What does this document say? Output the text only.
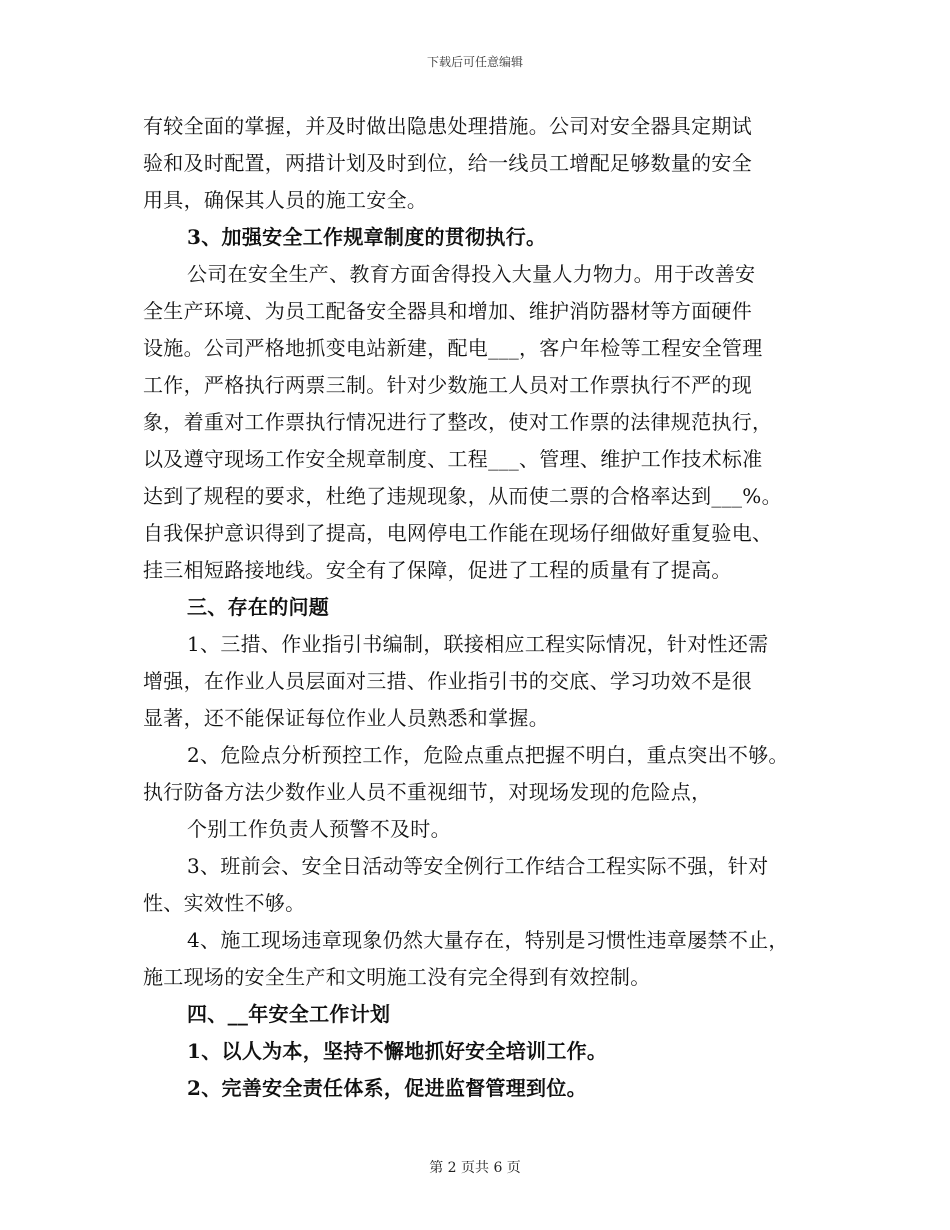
下载后可任意编辑
有较全面的掌握，并及时做出隐患处理措施。公司对安全器具定期试
验和及时配置，两措计划及时到位，给一线员工增配足够数量的安全
用具，确保其人员的施工安全。
3、加强安全工作规章制度的贯彻执行。
公司在安全生产、教育方面舍得投入大量人力物力。用于改善安
全生产环境、为员工配备安全器具和增加、维护消防器材等方面硬件
设施。公司严格地抓变电站新建，配电___，客户年检等工程安全管理
工作，严格执行两票三制。针对少数施工人员对工作票执行不严的现
象，着重对工作票执行情况进行了整改，使对工作票的法律规范执行，
以及遵守现场工作安全规章制度、工程___、管理、维护工作技术标准
达到了规程的要求，杜绝了违规现象，从而使二票的合格率达到___%。
自我保护意识得到了提高，电网停电工作能在现场仔细做好重复验电、
挂三相短路接地线。安全有了保障，促进了工程的质量有了提高。
三、存在的问题
1、三措、作业指引书编制，联接相应工程实际情况，针对性还需
增强，在作业人员层面对三措、作业指引书的交底、学习功效不是很
显著，还不能保证每位作业人员熟悉和掌握。
2、危险点分析预控工作，危险点重点把握不明白，重点突出不够。
执行防备方法少数作业人员不重视细节，对现场发现的危险点，
个别工作负责人预警不及时。
3、班前会、安全日活动等安全例行工作结合工程实际不强，针对
性、实效性不够。
4、施工现场违章现象仍然大量存在，特别是习惯性违章屡禁不止，
施工现场的安全生产和文明施工没有完全得到有效控制。
四、__年安全工作计划
1、以人为本，坚持不懈地抓好安全培训工作。
2、完善安全责任体系，促进监督管理到位。
第 2 页共 6 页
